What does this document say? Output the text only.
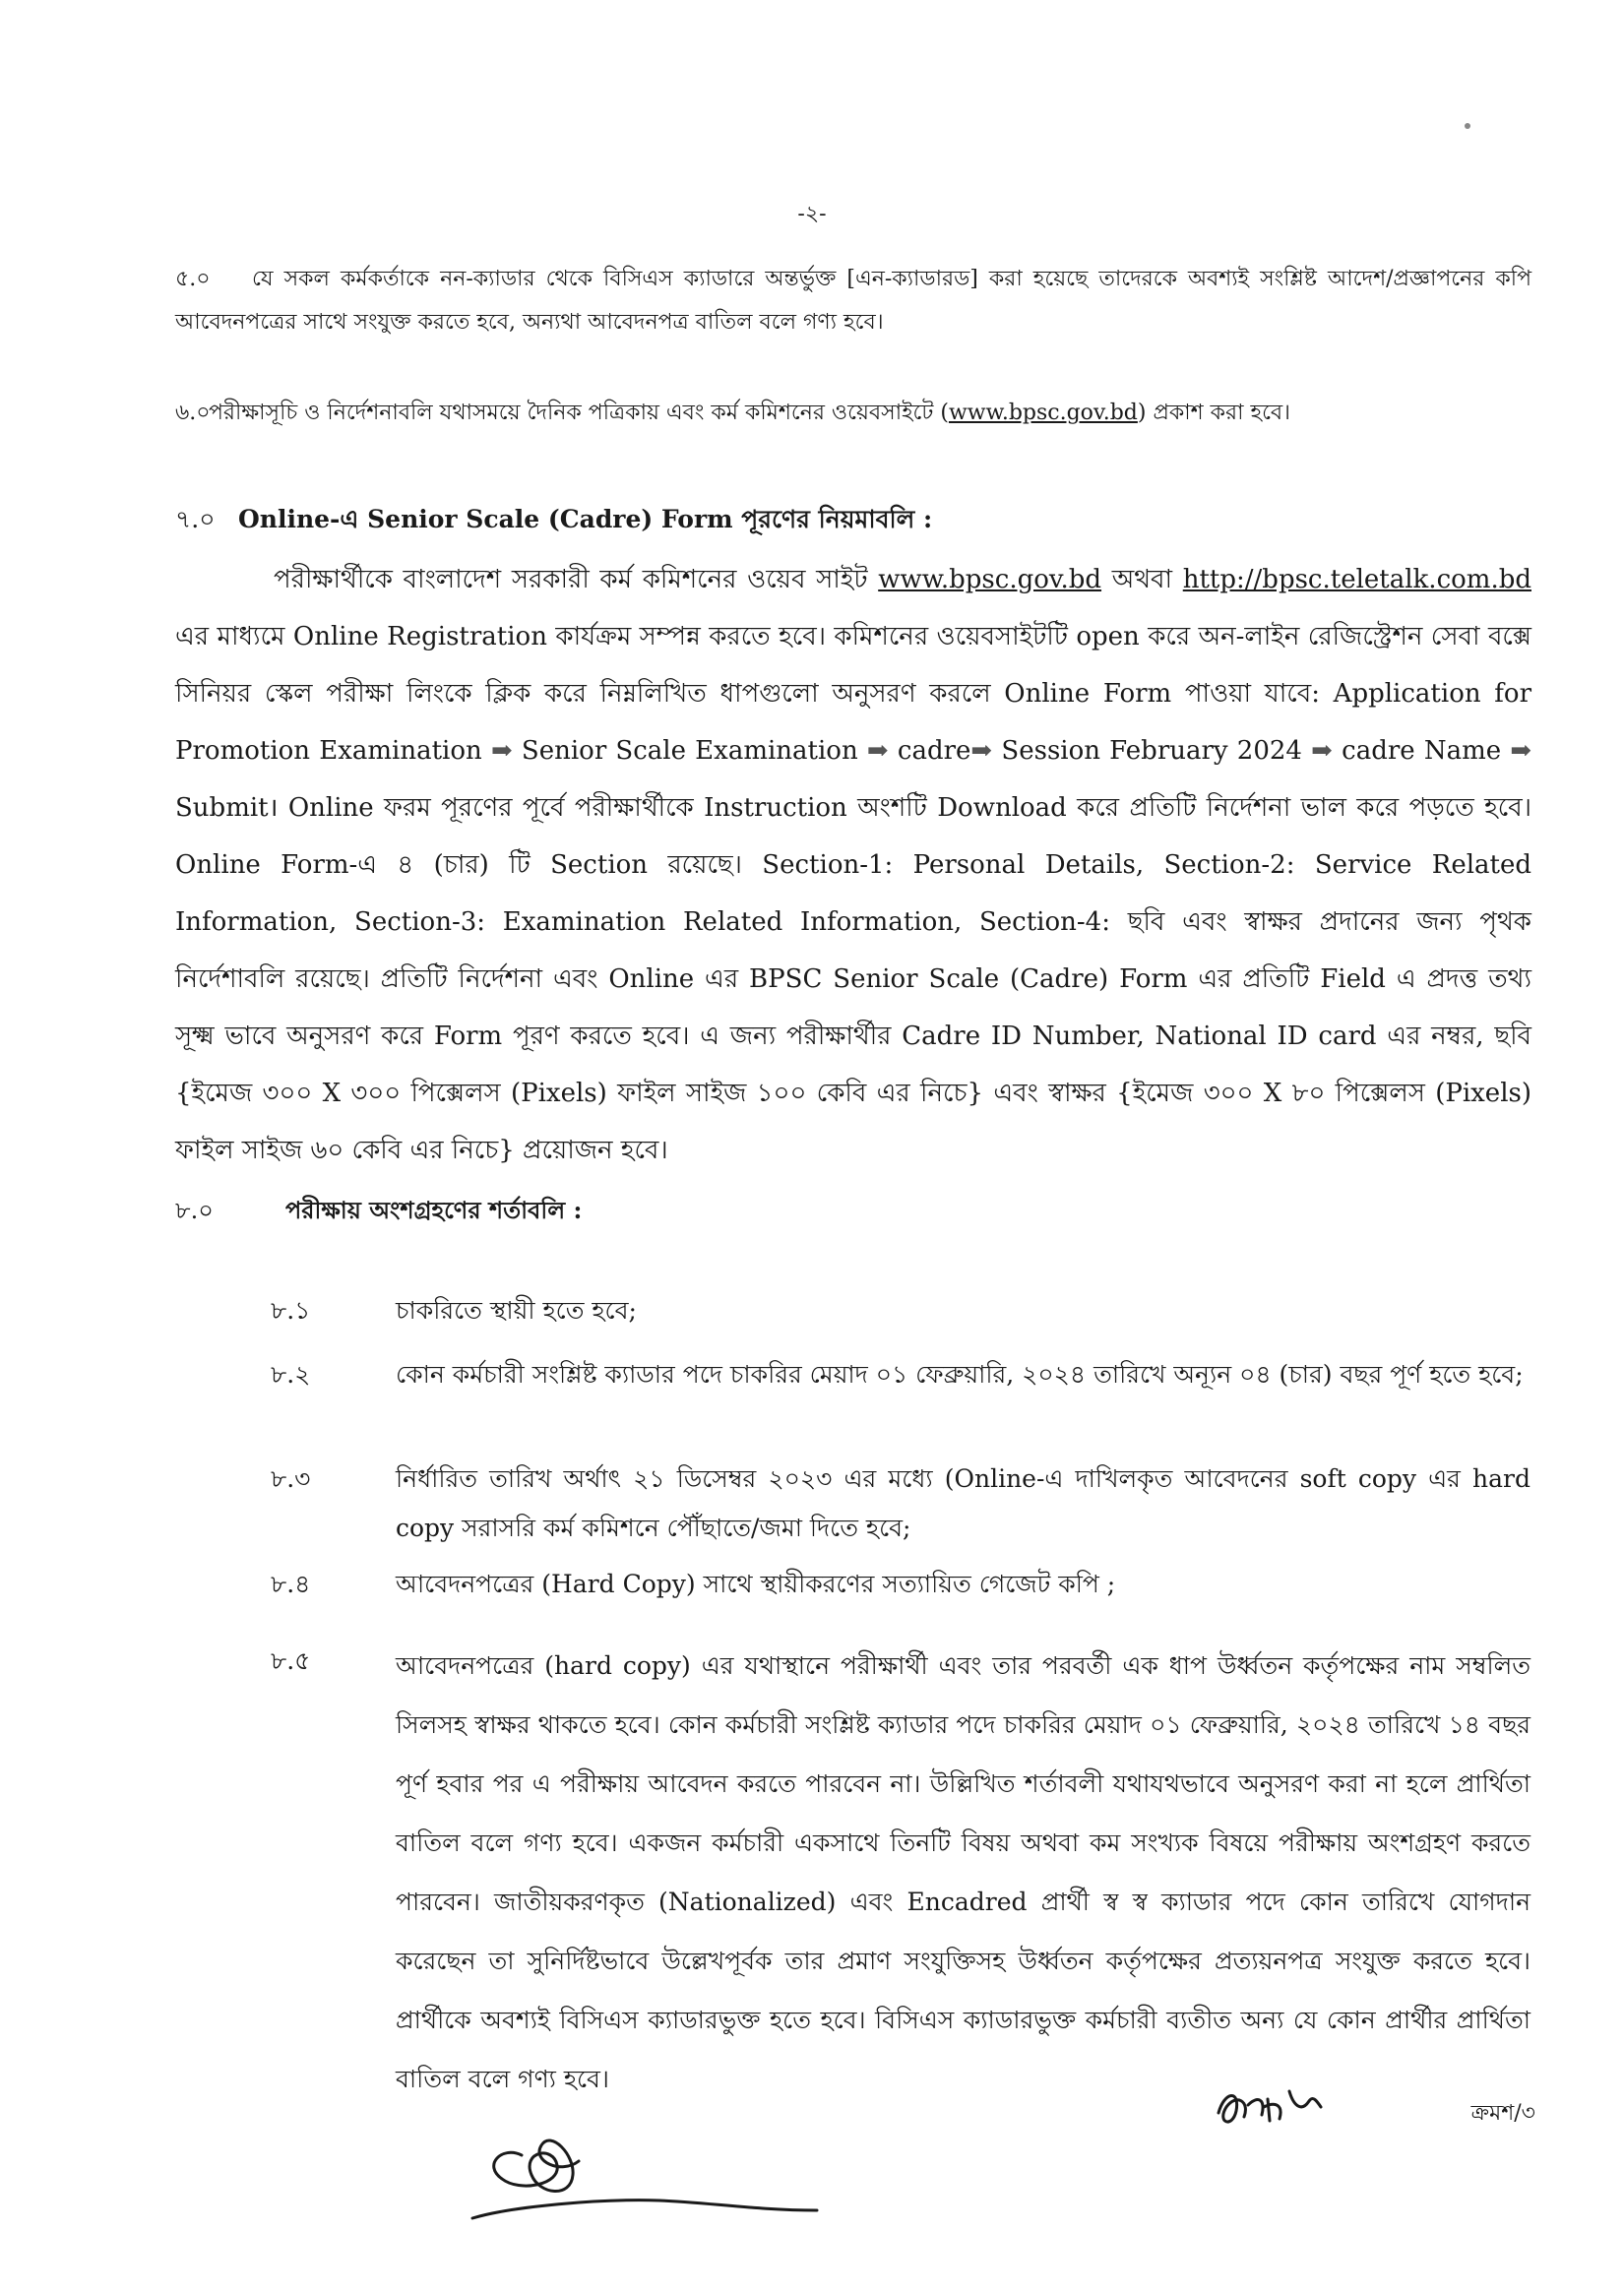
-২-
৫.০ যে সকল কর্মকর্তাকে নন-ক্যাডার থেকে বিসিএস ক্যাডারে অন্তর্ভুক্ত [এন-ক্যাডারড] করা হয়েছে তাদেরকে অবশ্যই সংশ্লিষ্ট আদেশ/প্রজ্ঞাপনের কপি আবেদনপত্রের সাথে সংযুক্ত করতে হবে, অন্যথা আবেদনপত্র বাতিল বলে গণ্য হবে।
৬.০পরীক্ষাসূচি ও নির্দেশনাবলি যথাসময়ে দৈনিক পত্রিকায় এবং কর্ম কমিশনের ওয়েবসাইটে (www.bpsc.gov.bd) প্রকাশ করা হবে।
৭.০ Online-এ Senior Scale (Cadre) Form পূরণের নিয়মাবলি :
পরীক্ষার্থীকে বাংলাদেশ সরকারী কর্ম কমিশনের ওয়েব সাইট www.bpsc.gov.bd অথবা http://bpsc.teletalk.com.bd এর মাধ্যমে Online Registration কার্যক্রম সম্পন্ন করতে হবে। কমিশনের ওয়েবসাইটটি open করে অন-লাইন রেজিস্ট্রেশন সেবা বক্সে সিনিয়র স্কেল পরীক্ষা লিংকে ক্লিক করে নিম্নলিখিত ধাপগুলো অনুসরণ করলে Online Form পাওয়া যাবে: Application for Promotion Examination ➡ Senior Scale Examination ➡ cadre➡ Session February 2024 ➡ cadre Name ➡ Submit। Online ফরম পূরণের পূর্বে পরীক্ষার্থীকে Instruction অংশটি Download করে প্রতিটি নির্দেশনা ভাল করে পড়তে হবে। Online Form-এ ৪ (চার) টি Section রয়েছে। Section-1: Personal Details, Section-2: Service Related Information, Section-3: Examination Related Information, Section-4: ছবি এবং স্বাক্ষর প্রদানের জন্য পৃথক নির্দেশাবলি রয়েছে। প্রতিটি নির্দেশনা এবং Online এর BPSC Senior Scale (Cadre) Form এর প্রতিটি Field এ প্রদত্ত তথ্য সূক্ষ্ম ভাবে অনুসরণ করে Form পূরণ করতে হবে। এ জন্য পরীক্ষার্থীর Cadre ID Number, National ID card এর নম্বর, ছবি {ইমেজ ৩০০ X ৩০০ পিক্সেলস (Pixels) ফাইল সাইজ ১০০ কেবি এর নিচে} এবং স্বাক্ষর {ইমেজ ৩০০ X ৮০ পিক্সেলস (Pixels) ফাইল সাইজ ৬০ কেবি এর নিচে} প্রয়োজন হবে।
৮.০	পরীক্ষায় অংশগ্রহণের শর্তাবলি :
৮.১	চাকরিতে স্থায়ী হতে হবে;
৮.২	কোন কর্মচারী সংশ্লিষ্ট ক্যাডার পদে চাকরির মেয়াদ ০১ ফেব্রুয়ারি, ২০২৪ তারিখে অন্যূন ০৪ (চার) বছর পূর্ণ হতে হবে;
৮.৩	নির্ধারিত তারিখ অর্থাৎ ২১ ডিসেম্বর ২০২৩ এর মধ্যে (Online-এ দাখিলকৃত আবেদনের soft copy এর hard copy সরাসরি কর্ম কমিশনে পৌঁছাতে/জমা দিতে হবে;
৮.৪	আবেদনপত্রের (Hard Copy) সাথে স্থায়ীকরণের সত্যায়িত গেজেট কপি ;
৮.৫	আবেদনপত্রের (hard copy) এর যথাস্থানে পরীক্ষার্থী এবং তার পরবর্তী এক ধাপ উর্ধ্বতন কর্তৃপক্ষের নাম সম্বলিত সিলসহ স্বাক্ষর থাকতে হবে। কোন কর্মচারী সংশ্লিষ্ট ক্যাডার পদে চাকরির মেয়াদ ০১ ফেব্রুয়ারি, ২০২৪ তারিখে ১৪ বছর পূর্ণ হবার পর এ পরীক্ষায় আবেদন করতে পারবেন না। উল্লিখিত শর্তাবলী যথাযথভাবে অনুসরণ করা না হলে প্রার্থিতা বাতিল বলে গণ্য হবে। একজন কর্মচারী একসাথে তিনটি বিষয় অথবা কম সংখ্যক বিষয়ে পরীক্ষায় অংশগ্রহণ করতে পারবেন। জাতীয়করণকৃত (Nationalized) এবং Encadred প্রার্থী স্ব স্ব ক্যাডার পদে কোন তারিখে যোগদান করেছেন তা সুনির্দিষ্টভাবে উল্লেখপূর্বক তার প্রমাণ সংযুক্তিসহ উর্ধ্বতন কর্তৃপক্ষের প্রত্যয়নপত্র সংযুক্ত করতে হবে। প্রার্থীকে অবশ্যই বিসিএস ক্যাডারভুক্ত হতে হবে। বিসিএস ক্যাডারভুক্ত কর্মচারী ব্যতীত অন্য যে কোন প্রার্থীর প্রার্থিতা বাতিল বলে গণ্য হবে।
ক্রমশ/৩
